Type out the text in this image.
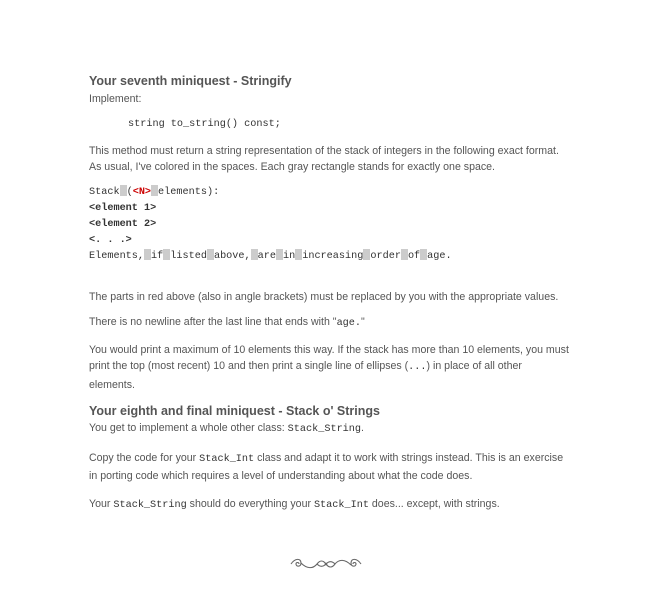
Your seventh miniquest - Stringify

Implement:

string to_string() const;

This method must return a string representation of the stack of integers in the following exact format. As usual, I've colored in the spaces. Each gray rectangle stands for exactly one space.

Stack (<N> elements):
<element 1>
<element 2>
<. . .>
Elements, if listed above, are in increasing order of age.

The parts in red above (also in angle brackets) must be replaced by you with the appropriate values.

There is no newline after the last line that ends with "age."

You would print a maximum of 10 elements this way. If the stack has more than 10 elements, you must print the top (most recent) 10 and then print a single line of ellipses (...) in place of all other elements.

Your eighth and final miniquest - Stack o' Strings

You get to implement a whole other class: Stack_String.

Copy the code for your Stack_Int class and adapt it to work with strings instead. This is an exercise in porting code which requires a level of understanding about what the code does.

Your Stack_String should do everything your Stack_Int does... except, with strings.
